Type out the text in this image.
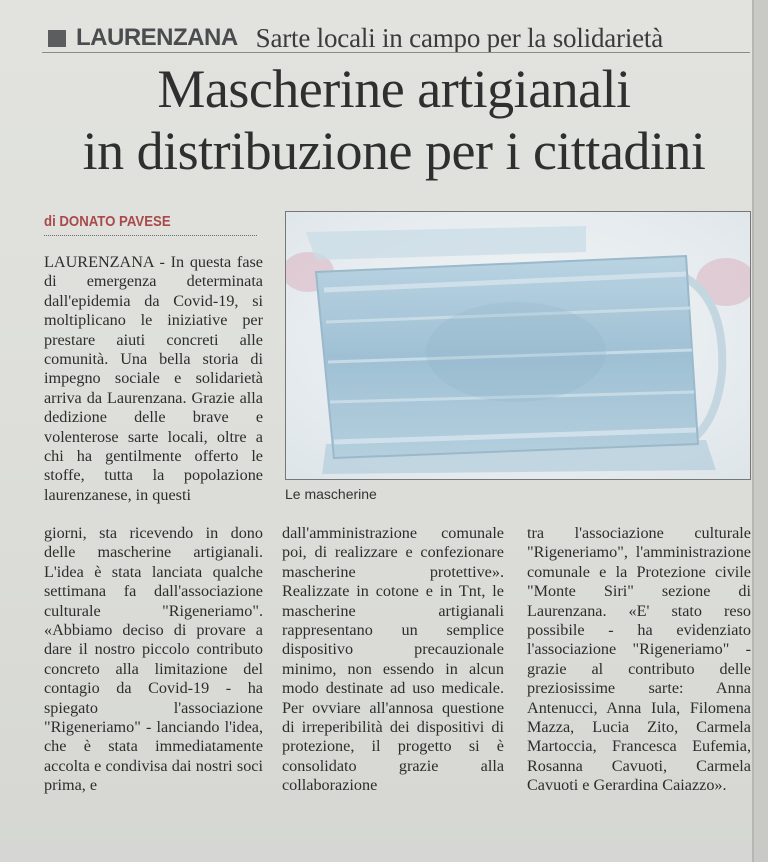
LAURENZANA Sarte locali in campo per la solidarietà
Mascherine artigianali
in distribuzione per i cittadini
di DONATO PAVESE
Le mascherine

LAURENZANA - In questa fase di emergenza determinata dall'epidemia da Covid-19, si moltiplicano le iniziative per prestare aiuti concreti alle comunità. Una bella storia di impegno sociale e solidarietà arriva da Laurenzana. Grazie alla dedizione delle brave e volenterose sarte locali, oltre a chi ha gentilmente offerto le stoffe, tutta la popolazione laurenzanese, in questi

giorni, sta ricevendo in dono delle mascherine artigianali. L'idea è stata lanciata qualche settimana fa dall'associazione culturale "Rigeneriamo". «Abbiamo deciso di provare a dare il nostro piccolo contributo concreto alla limitazione del contagio da Covid-19 - ha spiegato l'associazione "Rigeneriamo" - lanciando l'idea, che è stata immediatamente accolta e condivisa dai nostri soci prima, e

dall'amministrazione comunale poi, di realizzare e confezionare mascherine protettive». Realizzate in cotone e in Tnt, le mascherine artigianali rappresentano un semplice dispositivo precauzionale minimo, non essendo in alcun modo destinate ad uso medicale. Per ovviare all'annosa questione di irreperibilità dei dispositivi di protezione, il progetto si è consolidato grazie alla collaborazione

tra l'associazione culturale "Rigeneriamo", l'amministrazione comunale e la Protezione civile "Monte Siri" sezione di Laurenzana. «E' stato reso possibile - ha evidenziato l'associazione "Rigeneriamo" - grazie al contributo delle preziosissime sarte: Anna Antenucci, Anna Iula, Filomena Mazza, Lucia Zito, Carmela Martoccia, Francesca Eufemia, Rosanna Cavuoti, Carmela Cavuoti e Gerardina Caiazzo».
